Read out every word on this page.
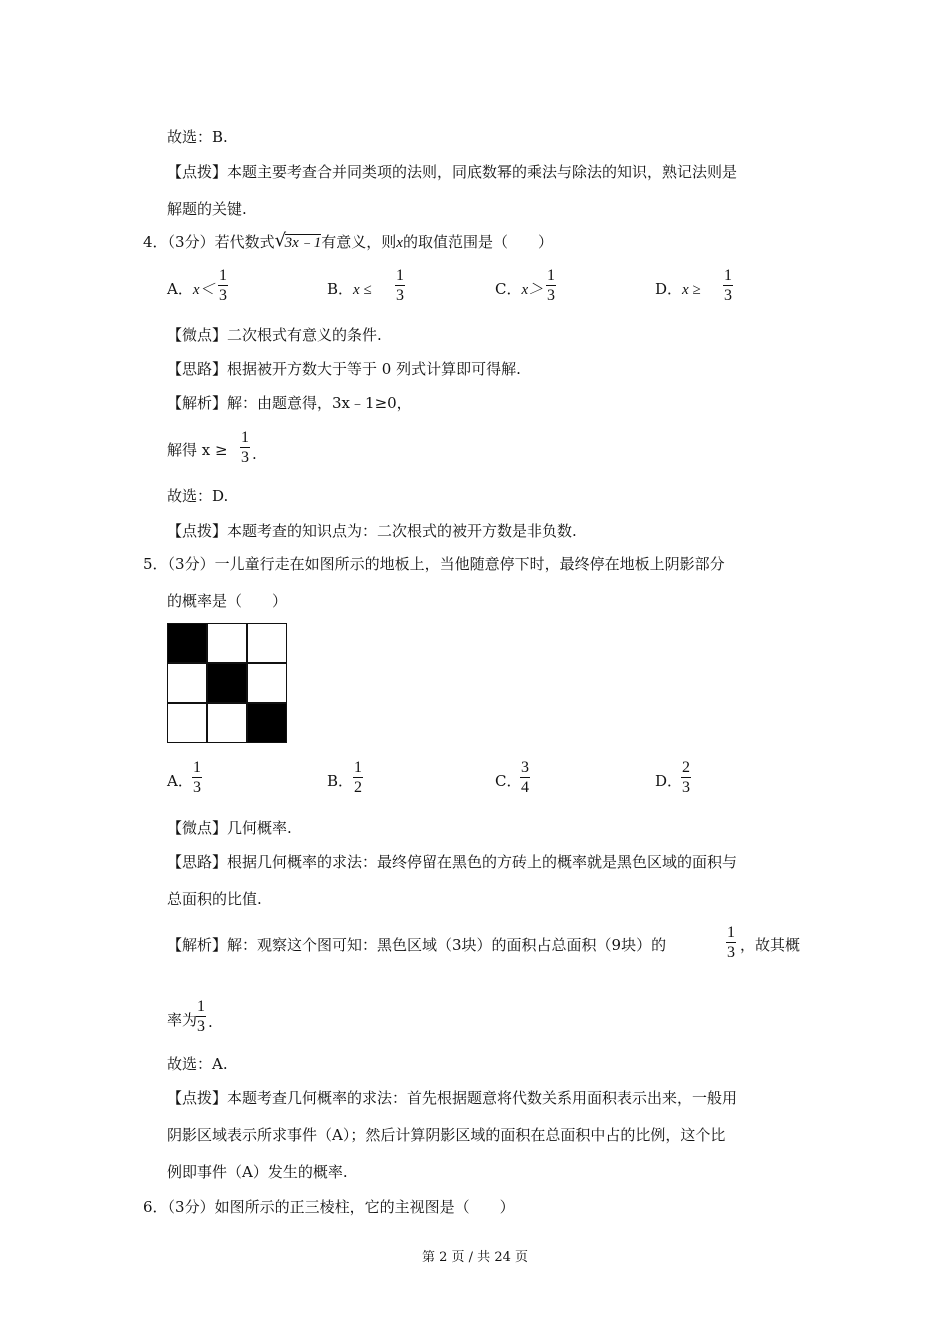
故选：B.
【点拨】本题主要考查合并同类项的法则，同底数幂的乘法与除法的知识，熟记法则是
解题的关键.
4．（3分）若代数式 √
3x﹣1有意义，则x的取值范围是（　　）
A．$x< \frac{1}{3}$	B．$x \le \frac{1}{3}$	C．$x> \frac{1}{3}$	D．$x \ge \frac{1}{3}$
【微点】二次根式有意义的条件.
【思路】根据被开方数大于等于 0 列式计算即可得解.
【解析】解：由题意得，3x﹣1≥0，
解得 $x \ge \frac{1}{3}$ .
故选：D.
【点拨】本题考查的知识点为：二次根式的被开方数是非负数.
5．（3分）一儿童行走在如图所示的地板上，当他随意停下时，最终停在地板上阴影部分
的概率是（　　）
A． $\frac{1}{3}$	B． $\frac{1}{2}$	C．
$\frac{3}{4}$	D．
$\frac{2}{3}$
【微点】几何概率.
【思路】根据几何概率的求法：最终停留在黑色的方砖上的概率就是黑色区域的面积与
总面积的比值.
【解析】解：观察这个图可知：黑色区域（3块）的面积占总面积（9块）的	$\frac{1}{3}$ ，故其概
率为
$\frac{1}{3}$ .
故选：A.
【点拨】本题考查几何概率的求法：首先根据题意将代数关系用面积表示出来，一般用
阴影区域表示所求事件（A）；然后计算阴影区域的面积在总面积中占的比例，这个比
例即事件（A）发生的概率.
6．（3分）如图所示的正三棱柱，它的主视图是（　　）
第 2 页 / 共 24 页
